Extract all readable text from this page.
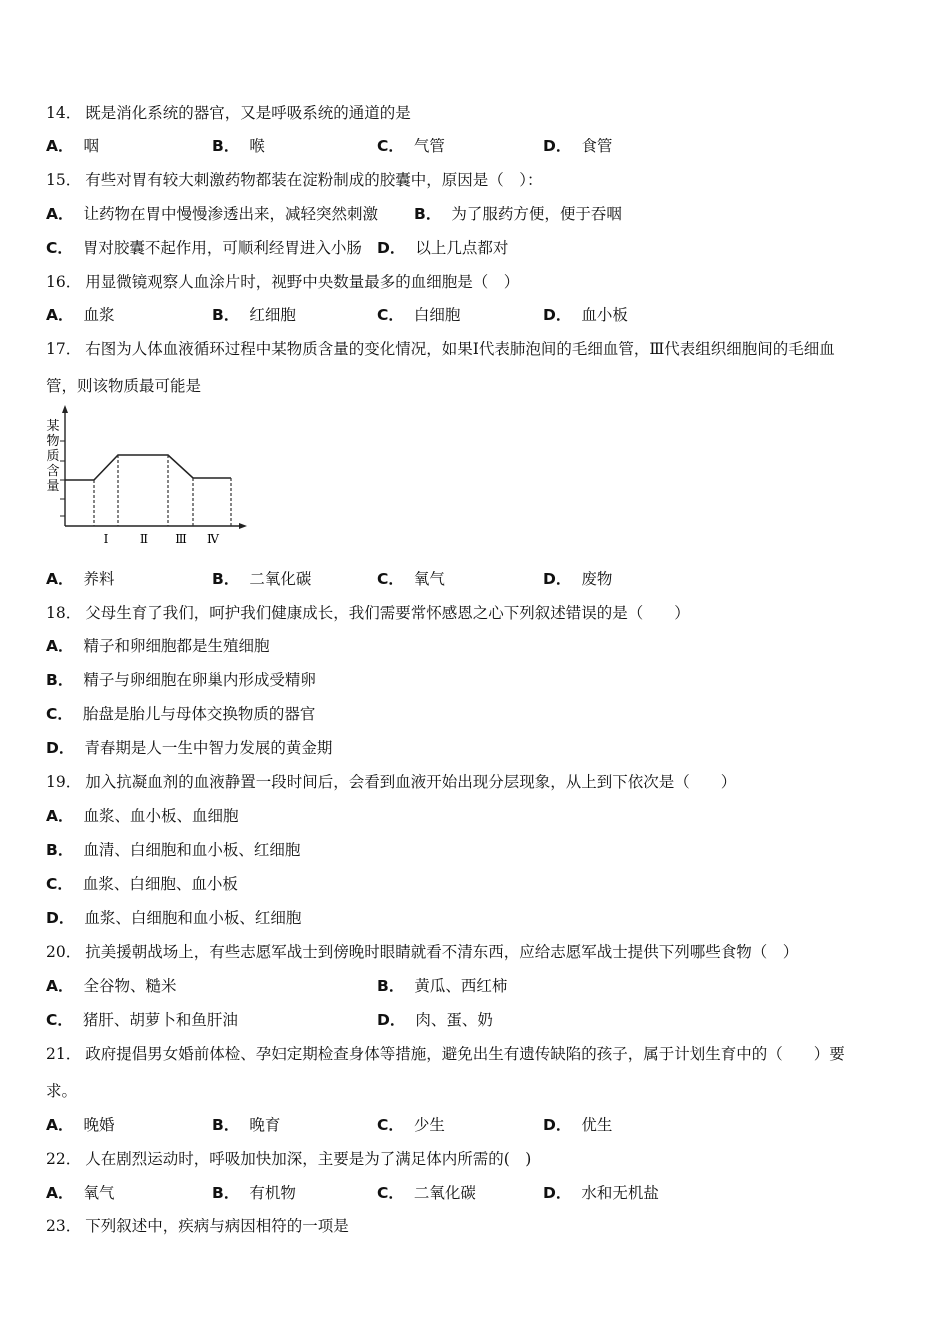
14． 既是消化系统的器官，又是呼吸系统的通道的是
A． 咽	B． 喉	C． 气管	D． 食管
15． 有些对胃有较大刺激药物都装在淀粉制成的胶囊中，原因是（　）：
A． 让药物在胃中慢慢渗透出来，减轻突然刺激 B． 为了服药方便，便于吞咽
C． 胃对胶囊不起作用，可顺利经胃进入小肠 D． 以上几点都对
16． 用显微镜观察人血涂片时，视野中央数量最多的血细胞是（　）
A． 血浆	B． 红细胞	C． 白细胞	D． 血小板
17． 右图为人体血液循环过程中某物质含量的变化情况，如果Ⅰ代表肺泡间的毛细血管，Ⅲ代表组织细胞间的毛细血
管，则该物质最可能是
某
物
质
含
量
Ⅰ	Ⅱ Ⅲ Ⅳ
A． 养料	B． 二氧化碳	C． 氧气	D． 废物
18． 父母生育了我们，呵护我们健康成长，我们需要常怀感恩之心下列叙述错误的是（　　）
A． 精子和卵细胞都是生殖细胞
B． 精子与卵细胞在卵巢内形成受精卵
C． 胎盘是胎儿与母体交换物质的器官
D． 青春期是人一生中智力发展的黄金期
19． 加入抗凝血剂的血液静置一段时间后，会看到血液开始出现分层现象，从上到下依次是（　　）
A． 血浆、血小板、血细胞
B． 血清、白细胞和血小板、红细胞
C． 血浆、白细胞、血小板
D． 血浆、白细胞和血小板、红细胞
20． 抗美援朝战场上，有些志愿军战士到傍晚时眼睛就看不清东西，应给志愿军战士提供下列哪些食物（　）
A． 全谷物、糙米	B． 黄瓜、西红柿
C． 猪肝、胡萝卜和鱼肝油	D． 肉、蛋、奶
21． 政府提倡男女婚前体检、孕妇定期检查身体等措施，避免出生有遗传缺陷的孩子，属于计划生育中的（　　）要
求。
A． 晚婚	B． 晚育	C． 少生	D． 优生
22． 人在剧烈运动时，呼吸加快加深，主要是为了满足体内所需的(　)
A． 氧气	B． 有机物	C． 二氧化碳	D． 水和无机盐
23． 下列叙述中，疾病与病因相符的一项是
